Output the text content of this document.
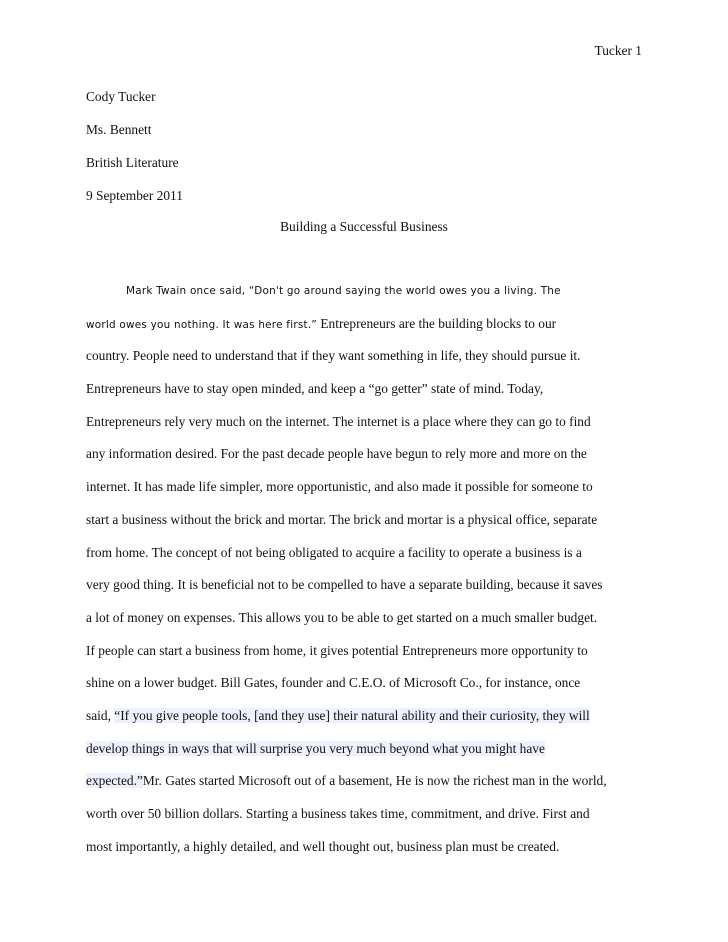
Tucker 1
Cody Tucker
Ms. Bennett
British Literature
9 September 2011
Building a Successful Business
Mark Twain once said, “Don't go around saying the world owes you a living. The
world owes you nothing. It was here first.” Entrepreneurs are the building blocks to our
country. People need to understand that if they want something in life, they should pursue it.
Entrepreneurs have to stay open minded, and keep a “go getter” state of mind. Today,
Entrepreneurs rely very much on the internet. The internet is a place where they can go to find
any information desired. For the past decade people have begun to rely more and more on the
internet. It has made life simpler, more opportunistic, and also made it possible for someone to
start a business without the brick and mortar. The brick and mortar is a physical office, separate
from home. The concept of not being obligated to acquire a facility to operate a business is a
very good thing. It is beneficial not to be compelled to have a separate building, because it saves
a lot of money on expenses. This allows you to be able to get started on a much smaller budget.
If people can start a business from home, it gives potential Entrepreneurs more opportunity to
shine on a lower budget. Bill Gates, founder and C.E.O. of Microsoft Co., for instance, once
said, “If you give people tools, [and they use] their natural ability and their curiosity, they will
develop things in ways that will surprise you very much beyond what you might have
expected.”Mr. Gates started Microsoft out of a basement, He is now the richest man in the world,
worth over 50 billion dollars. Starting a business takes time, commitment, and drive. First and
most importantly, a highly detailed, and well thought out, business plan must be created.
